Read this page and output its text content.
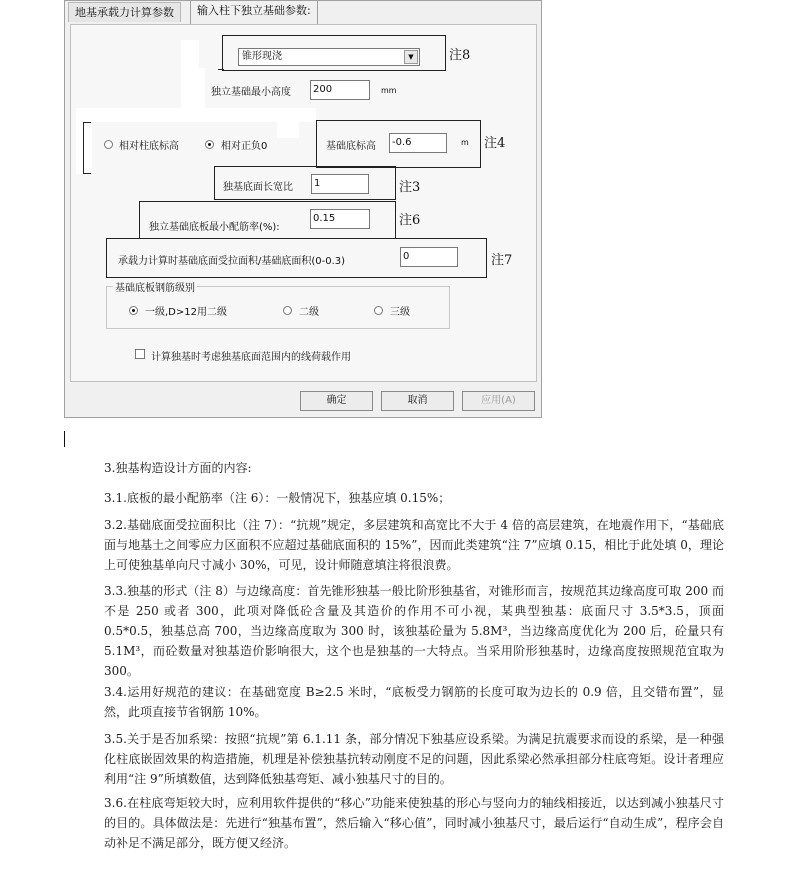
地基承载力计算参数	输入柱下独立基础参数:
锥形现浇	▼	注8
独立基础最小高度	200	mm
相对柱底标高	相对正负0	基础底标高	-0.6	m 注4
独基底面长宽比	1	注3
独立基础底板最小配筋率(%):
0.15	注6
承载力计算时基础底面受拉面积/基础底面积(0-0.3)	0	注7
基础底板钢筋级别
一级,D>12用二级	二级	三级
计算独基时考虑独基底面范围内的线荷载作用
确定	取消	应用(A)
3.独基构造设计方面的内容:
3.1.底板的最小配筋率（注 6）：一般情况下，独基应填 0.15%；
3.2.基础底面受拉面积比（注 7）：“抗规”规定，多层建筑和高宽比不大于 4 倍的高层建筑，在地震作用下，“基础底面与地基土之间零应力区面积不应超过基础底面积的 15%”，因而此类建筑“注 7”应填 0.15，相比于此处填 0，理论上可使独基单向尺寸减小 30%，可见，设计师随意填注将很浪费。
3.3.独基的形式（注 8）与边缘高度：首先锥形独基一般比阶形独基省，对锥形而言，按规范其边缘高度可取 200 而不是 250 或者 300，此项对降低砼含量及其造价的作用不可小视，某典型独基：底面尺寸 3.5*3.5，顶面 0.5*0.5，独基总高 700，当边缘高度取为 300 时，该独基砼量为 5.8M³，当边缘高度优化为 200 后，砼量只有 5.1M³，而砼数量对独基造价影响很大，这个也是独基的一大特点。当采用阶形独基时，边缘高度按照规范宜取为 300。
3.4.运用好规范的建议：在基础宽度 B≥2.5 米时，“底板受力钢筋的长度可取为边长的 0.9 倍，且交错布置”，显然，此项直接节省钢筋 10%。
3.5.关于是否加系梁：按照“抗规”第 6.1.11 条，部分情况下独基应设系梁。为满足抗震要求而设的系梁，是一种强化柱底嵌固效果的构造措施，机理是补偿独基抗转动刚度不足的问题，因此系梁必然承担部分柱底弯矩。设计者理应利用“注 9”所填数值，达到降低独基弯矩、减小独基尺寸的目的。
3.6.在柱底弯矩较大时，应利用软件提供的“移心”功能来使独基的形心与竖向力的轴线相接近，以达到减小独基尺寸的目的。具体做法是：先进行“独基布置”，然后输入“移心值”，同时减小独基尺寸，最后运行“自动生成”，程序会自动补足不满足部分，既方便又经济。
